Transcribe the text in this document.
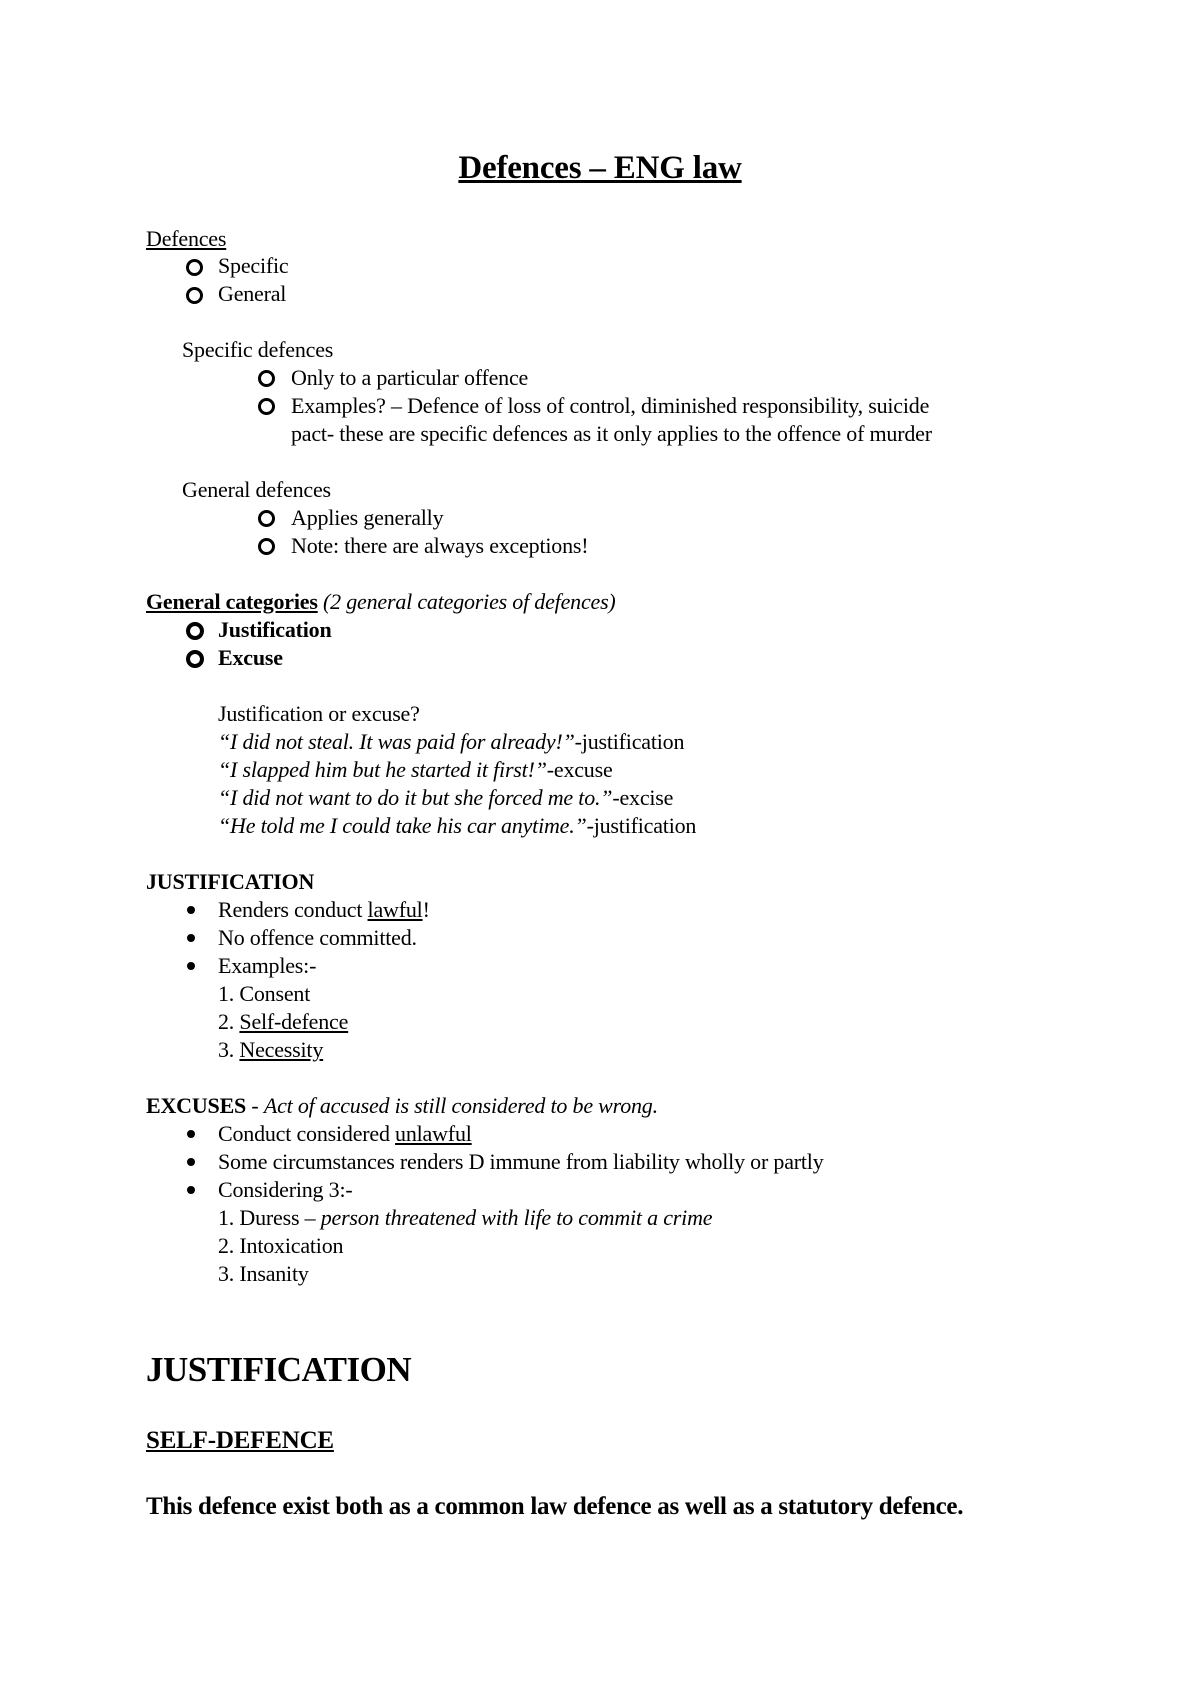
Defences – ENG law
Defences
Specific
General
Specific defences
Only to a particular offence
Examples? – Defence of loss of control, diminished responsibility, suicide
pact- these are specific defences as it only applies to the offence of murder
General defences
Applies generally
Note: there are always exceptions!
General categories (2 general categories of defences)
Justification
Excuse
Justification or excuse?
“I did not steal. It was paid for already!”-justification
“I slapped him but he started it first!”-excuse
“I did not want to do it but she forced me to.”-excise
“He told me I could take his car anytime.”-justification
JUSTIFICATION
Renders conduct lawful!
No offence committed.
Examples:-
1. Consent
2. Self-defence
3. Necessity
EXCUSES - Act of accused is still considered to be wrong.
Conduct considered unlawful
Some circumstances renders D immune from liability wholly or partly
Considering 3:-
1. Duress – person threatened with life to commit a crime
2. Intoxication
3. Insanity
JUSTIFICATION
SELF-DEFENCE
This defence exist both as a common law defence as well as a statutory defence.
